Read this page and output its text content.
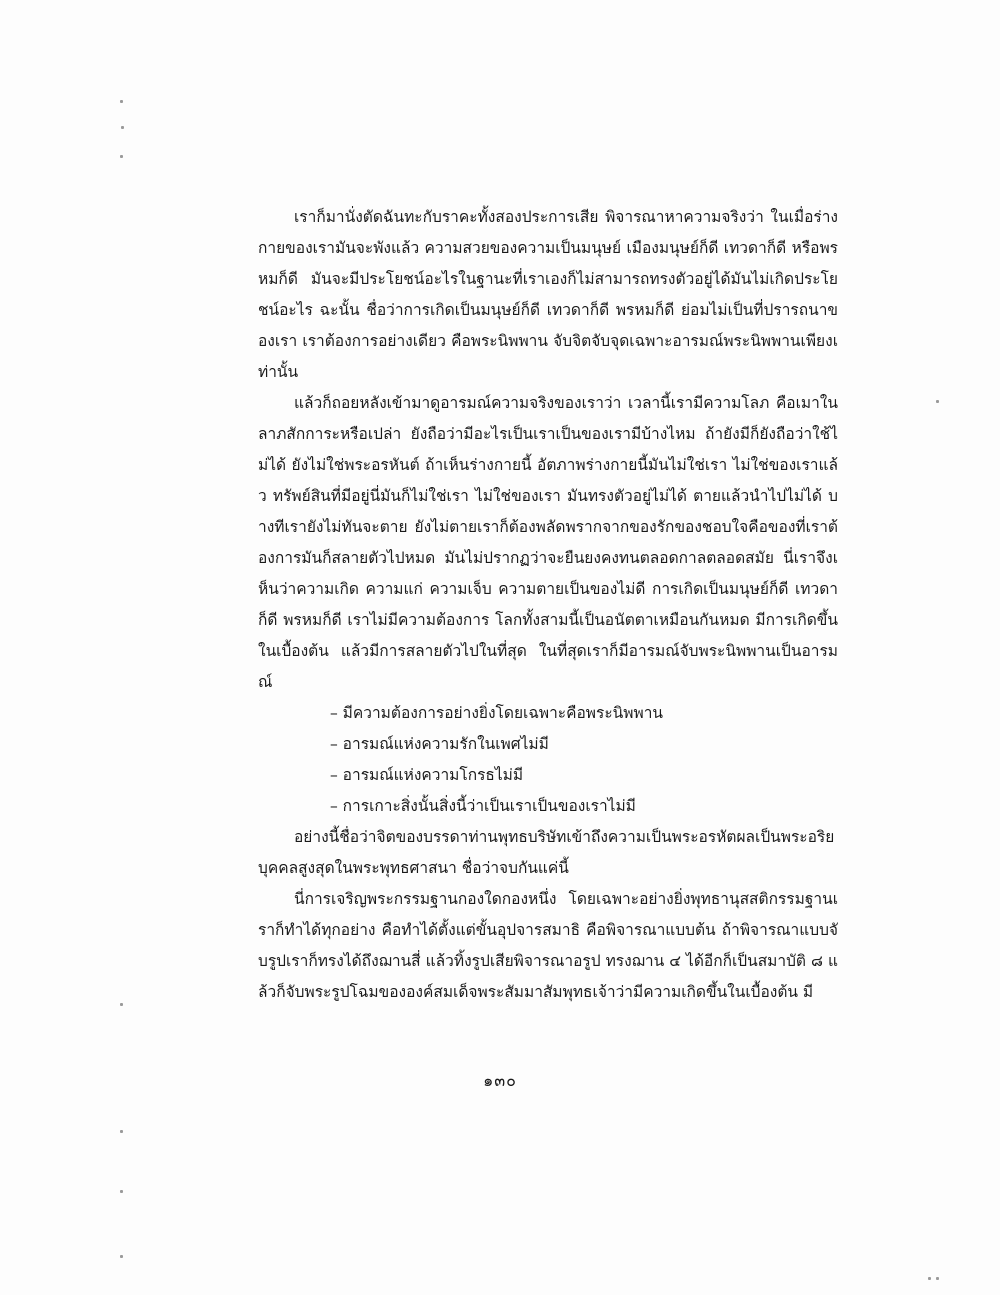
เราก็มานั่งตัดฉันทะกับราคะทั้งสองประการเสีย พิจารณาหาความจริงว่า ในเมื่อร่างกายของเรามันจะพังแล้ว ความสวยของความเป็นมนุษย์ เมืองมนุษย์ก็ดี เทวดาก็ดี หรือพรหมก็ดี มันจะมีประโยชน์อะไรในฐานะที่เราเองก็ไม่สามารถทรงตัวอยู่ได้มันไม่เกิดประโยชน์อะไร ฉะนั้น ชื่อว่าการเกิดเป็นมนุษย์ก็ดี เทวดาก็ดี พรหมก็ดี ย่อมไม่เป็นที่ปรารถนาของเรา เราต้องการอย่างเดียว คือพระนิพพาน จับจิตจับจุดเฉพาะอารมณ์พระนิพพานเพียงเท่านั้น

แล้วก็ถอยหลังเข้ามาดูอารมณ์ความจริงของเราว่า เวลานี้เรามีความโลภ คือเมาในลาภสักการะหรือเปล่า ยังถือว่ามีอะไรเป็นเราเป็นของเรามีบ้างไหม ถ้ายังมีก็ยังถือว่าใช้ไม่ได้ ยังไม่ใช่พระอรหันต์ ถ้าเห็นร่างกายนี้ อัตภาพร่างกายนี้มันไม่ใช่เรา ไม่ใช่ของเราแล้ว ทรัพย์สินที่มีอยู่นี่มันก็ไม่ใช่เรา ไม่ใช่ของเรา มันทรงตัวอยู่ไม่ได้ ตายแล้วนำไปไม่ได้ บางทีเรายังไม่ทันจะตาย ยังไม่ตายเราก็ต้องพลัดพรากจากของรักของชอบใจคือของที่เราต้องการมันก็สลายตัวไปหมด มันไม่ปรากฏว่าจะยืนยงคงทนตลอดกาลตลอดสมัย นี่เราจึงเห็นว่าความเกิด ความแก่ ความเจ็บ ความตายเป็นของไม่ดี การเกิดเป็นมนุษย์ก็ดี เทวดาก็ดี พรหมก็ดี เราไม่มีความต้องการ โลกทั้งสามนี้เป็นอนัตตาเหมือนกันหมด มีการเกิดขึ้นในเบื้องต้น แล้วมีการสลายตัวไปในที่สุด ในที่สุดเราก็มีอารมณ์จับพระนิพพานเป็นอารมณ์

– มีความต้องการอย่างยิ่งโดยเฉพาะคือพระนิพพาน
– อารมณ์แห่งความรักในเพศไม่มี
– อารมณ์แห่งความโกรธไม่มี
– การเกาะสิ่งนั้นสิ่งนี้ว่าเป็นเราเป็นของเราไม่มี

อย่างนี้ชื่อว่าจิตของบรรดาท่านพุทธบริษัทเข้าถึงความเป็นพระอรหัตผลเป็นพระอริยบุคคลสูงสุดในพระพุทธศาสนา ชื่อว่าจบกันแค่นี้

นี่การเจริญพระกรรมฐานกองใดกองหนึ่ง โดยเฉพาะอย่างยิ่งพุทธานุสสติกรรมฐานเราก็ทำได้ทุกอย่าง คือทำได้ตั้งแต่ขั้นอุปจารสมาธิ คือพิจารณาแบบต้น ถ้าพิจารณาแบบจับรูปเราก็ทรงได้ถึงฌานสี่ แล้วทิ้งรูปเสียพิจารณาอรูป ทรงฌาน ๔ ได้อีกก็เป็นสมาบัติ ๘ แล้วก็จับพระรูปโฉมขององค์สมเด็จพระสัมมาสัมพุทธเจ้าว่ามีความเกิดขึ้นในเบื้องต้น มี

๑๓๐
